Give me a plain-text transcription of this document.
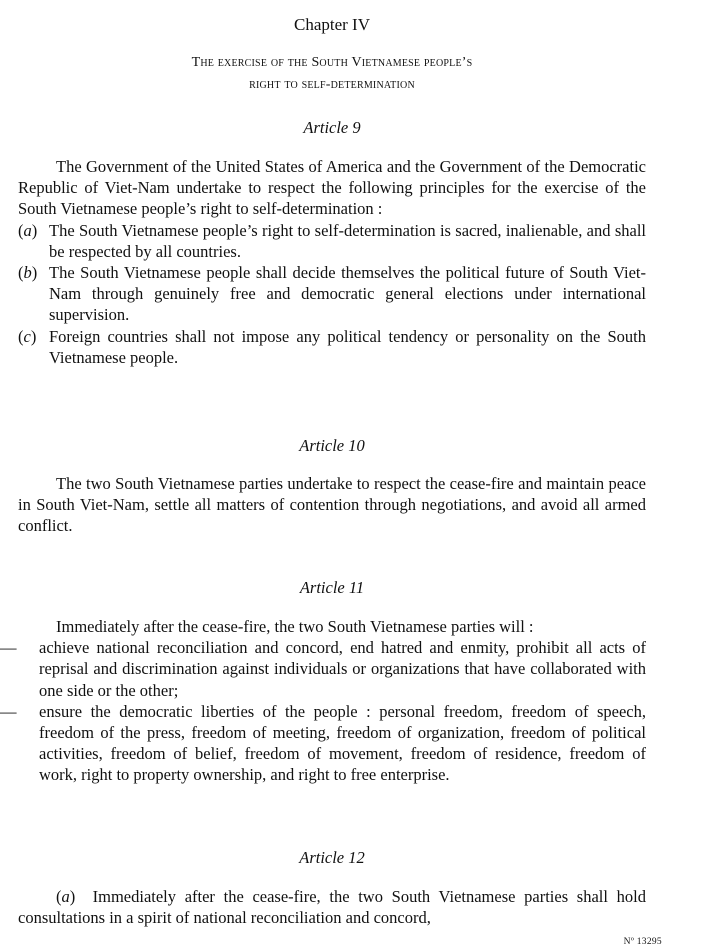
Chapter IV
The exercise of the South Vietnamese people’s
right to self-determination
Article 9

The Government of the United States of America and the Government of the Democratic Republic of Viet-Nam undertake to respect the following principles for the exercise of the South Vietnamese people’s right to self-determination :

(a) The South Vietnamese people’s right to self-determination is sacred, inalienable, and shall be respected by all countries.
(b) The South Vietnamese people shall decide themselves the political future of South Viet-Nam through genuinely free and democratic general elections under international supervision.
(c) Foreign countries shall not impose any political tendency or personality on the South Vietnamese people.
Article 10

The two South Vietnamese parties undertake to respect the cease-fire and maintain peace in South Viet-Nam, settle all matters of contention through negotiations, and avoid all armed conflict.

Article 11

Immediately after the cease-fire, the two South Vietnamese parties will :

— achieve national reconciliation and concord, end hatred and enmity, prohibit all acts of reprisal and discrimination against individuals or organizations that have collaborated with one side or the other;
— ensure the democratic liberties of the people : personal freedom, freedom of speech, freedom of the press, freedom of meeting, freedom of organization, freedom of political activities, freedom of belief, freedom of movement, freedom of residence, freedom of work, right to property ownership, and right to free enterprise.
Article 12

(a)  Immediately after the cease-fire, the two South Vietnamese parties shall hold consultations in a spirit of national reconciliation and concord,

Nº 13295
